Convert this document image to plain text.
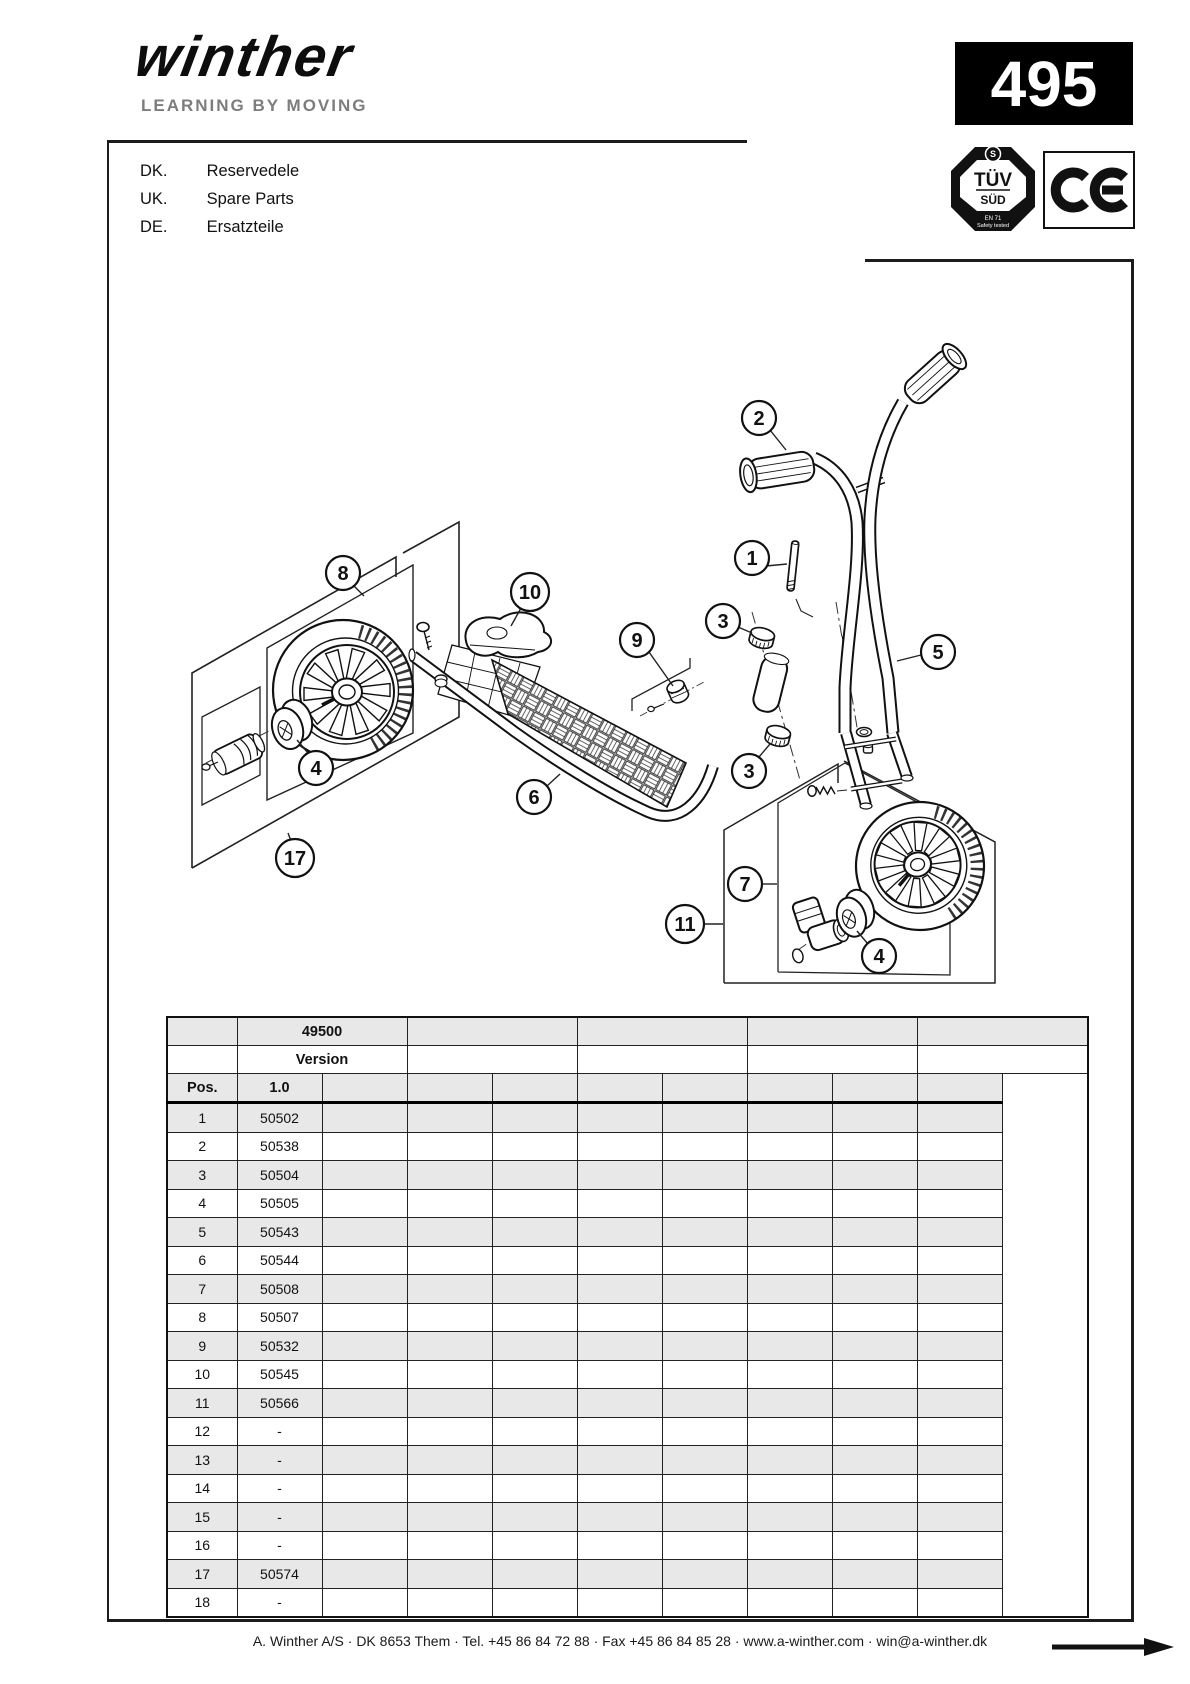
winther
LEARNING BY MOVING	495
DK. Reservedele
UK. Spare Parts
DE. Ersatzteile
S
TÜV
SÜD
EN 71
Safety tested
1
2
3
3
4
4
5
6
7
8
9
10
11
17
	49500								
	Version								
Pos.	1.0								
1	50502								
2	50538								
3	50504								
4	50505								
5	50543								
6	50544								
7	50508								
8	50507								
9	50532								
10	50545								
11	50566								
12	-								
13	-								
14	-								
15	-								
16	-								
17	50574								
18	-								
A. Winther A/S · DK 8653 Them · Tel. +45 86 84 72 88 · Fax +45 86 84 85 28 · www.a-winther.com · win@a-winther.dk
